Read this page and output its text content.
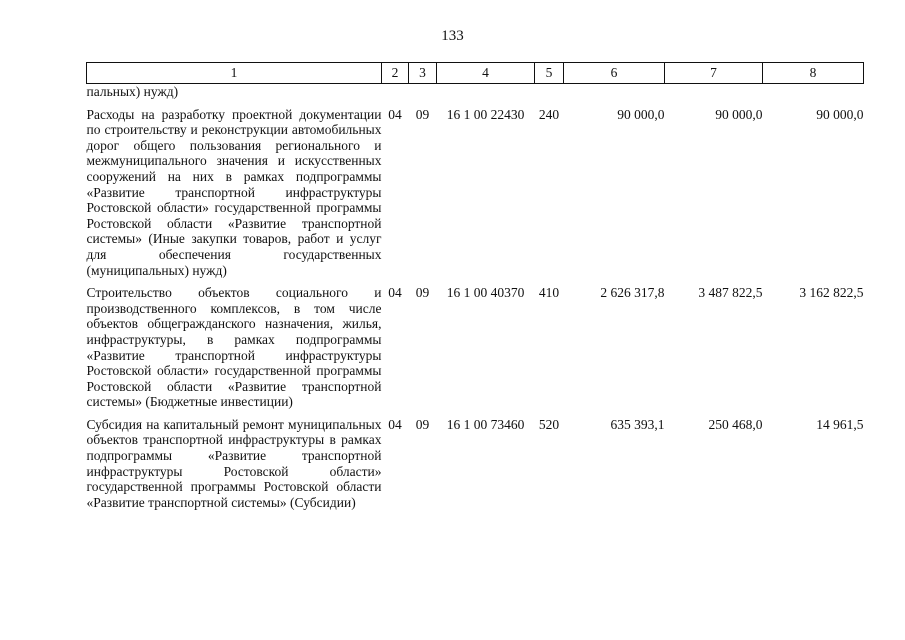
133
1	2	3	4	5	6	7	8
пальных) нужд)							

Расходы на разработку проектной документации по строительству и реконструкции автомобильных дорог общего пользования регионального и межмуниципального значения и искусственных сооружений на них в рамках подпрограммы «Развитие транспортной инфраструктуры Ростовской области» государственной программы Ростовской области «Развитие транспортной системы» (Иные закупки товаров, работ и услуг для обеспечения государственных (муниципальных) нужд)	04	09	16 1 00 22430	240	90 000,0	90 000,0	90 000,0

Строительство объектов социального и производственного комплексов, в том числе объектов общегражданского назначения, жилья, инфраструктуры, в рамках подпрограммы «Развитие транспортной инфраструктуры Ростовской области» государственной программы Ростовской области «Развитие транспортной системы» (Бюджетные инвестиции)	04	09	16 1 00 40370	410	2 626 317,8	3 487 822,5	3 162 822,5

Субсидия на капитальный ремонт муниципальных объектов транспортной инфраструктуры в рамках подпрограммы «Развитие транспортной инфраструктуры Ростовской области» государственной программы Ростовской области «Развитие транспортной системы» (Субсидии)	04	09	16 1 00 73460	520	635 393,1	250 468,0	14 961,5
